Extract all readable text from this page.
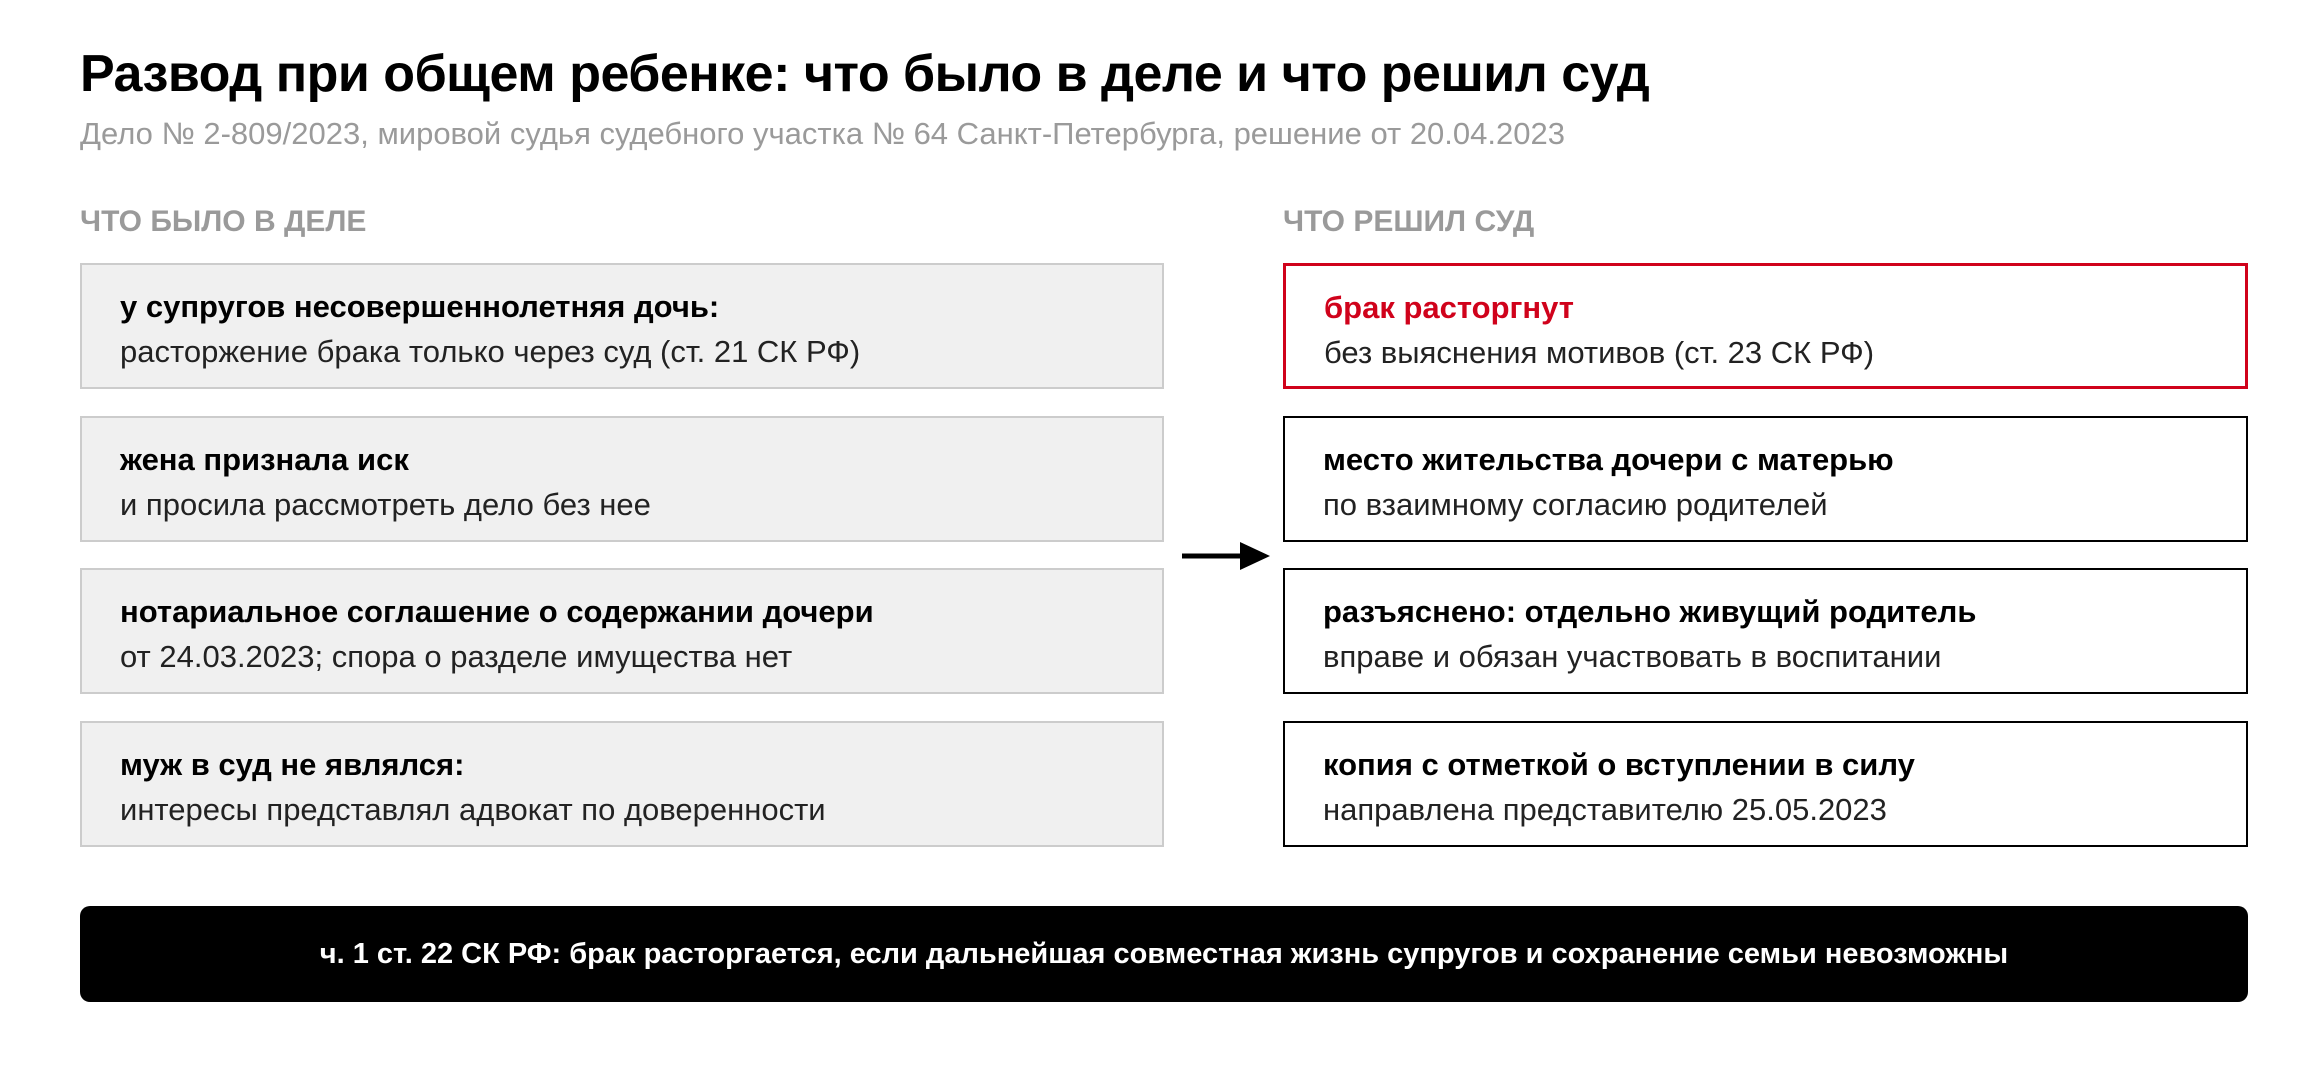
Развод при общем ребенке: что было в деле и что решил суд
Дело № 2-809/2023, мировой судья судебного участка № 64 Санкт-Петербурга, решение от 20.04.2023
ЧТО БЫЛО В ДЕЛЕ	ЧТО РЕШИЛ СУД
у супругов несовершеннолетняя дочь:
расторжение брака только через суд (ст. 21 СК РФ)
жена признала иск
и просила рассмотреть дело без нее
нотариальное соглашение о содержании дочери
от 24.03.2023; спора о разделе имущества нет
муж в суд не являлся:
интересы представлял адвокат по доверенности
брак расторгнут
без выяснения мотивов (ст. 23 СК РФ)
место жительства дочери с матерью
по взаимному согласию родителей
разъяснено: отдельно живущий родитель
вправе и обязан участвовать в воспитании
копия с отметкой о вступлении в силу
направлена представителю 25.05.2023
ч. 1 ст. 22 СК РФ: брак расторгается, если дальнейшая совместная жизнь супругов и сохранение семьи невозможны
